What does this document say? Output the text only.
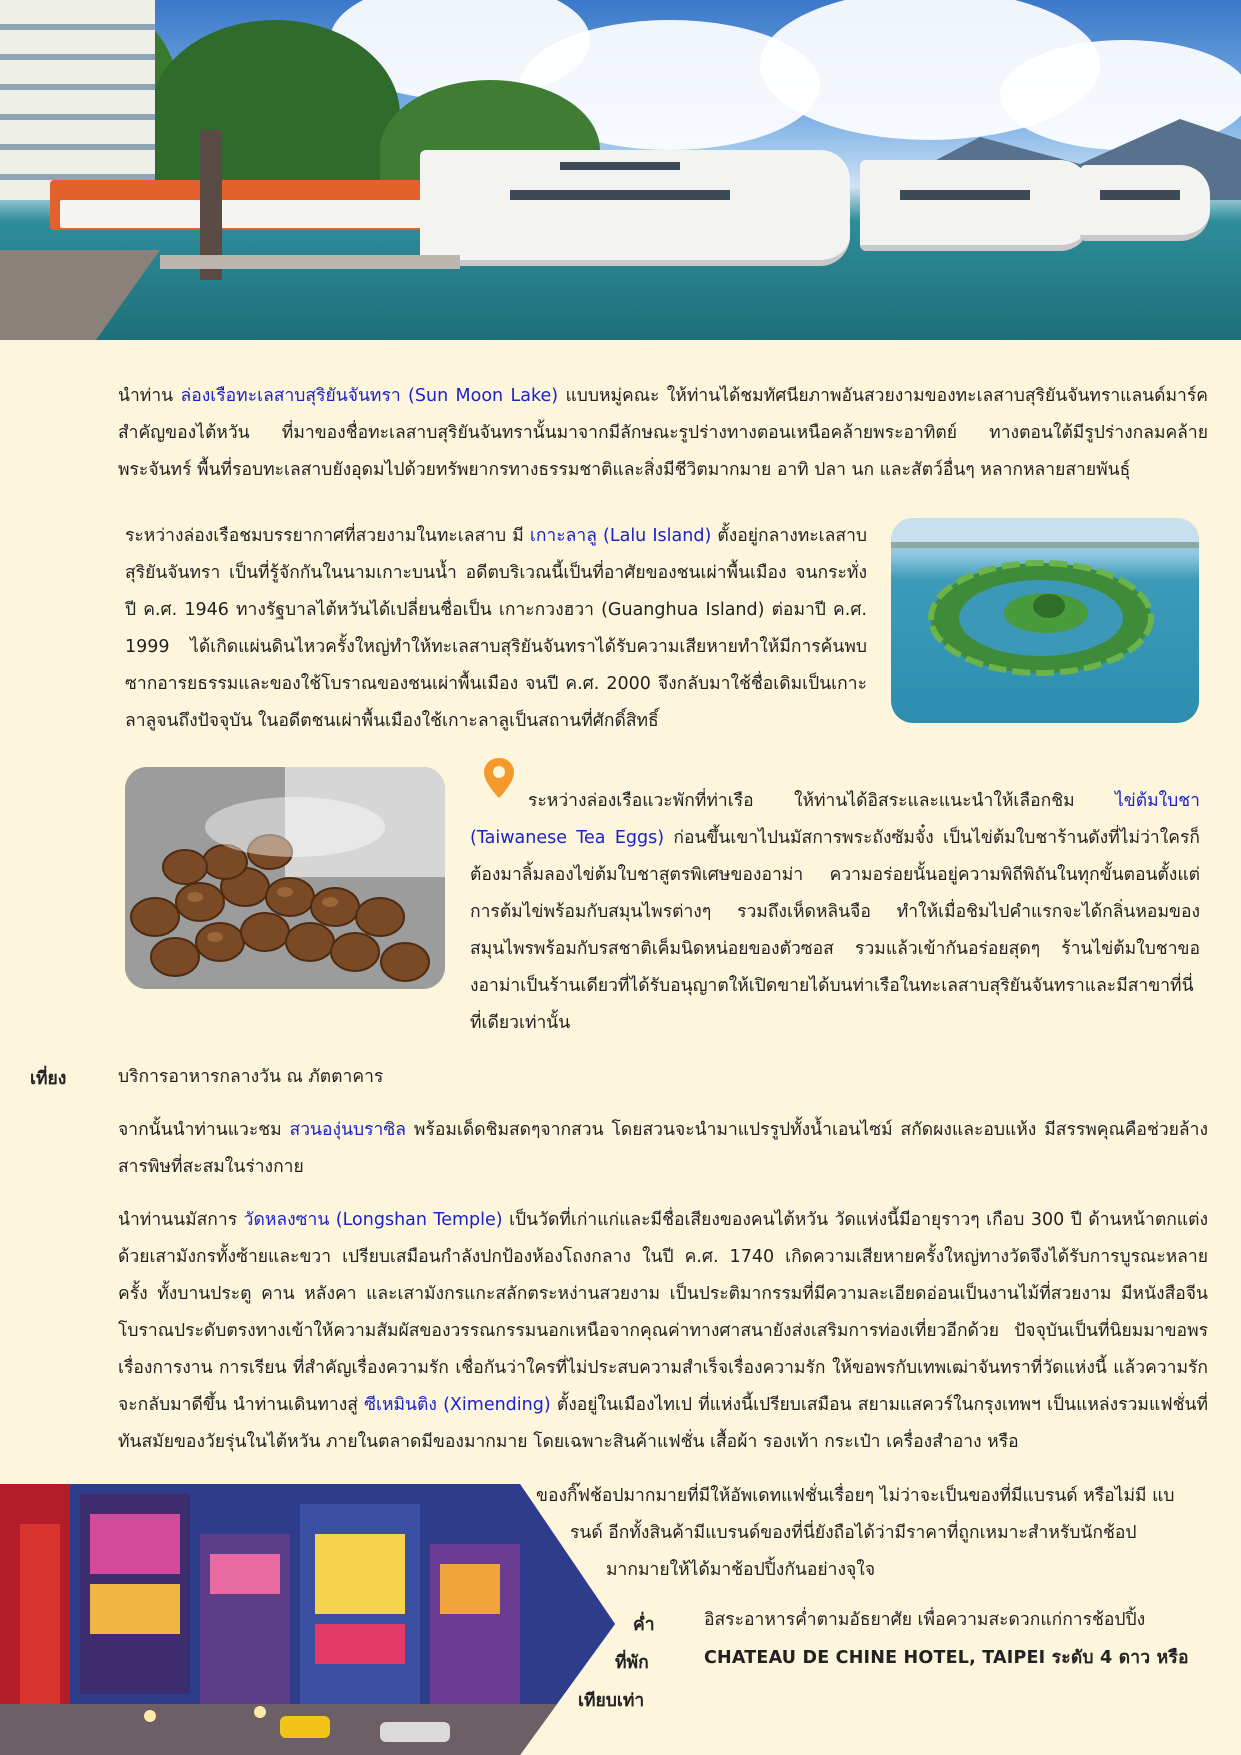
นำท่าน ล่องเรือทะเลสาบสุริยันจันทรา (Sun Moon Lake) แบบหมู่คณะ ให้ท่านได้ชมทัศนียภาพอันสวยงามของทะเลสาบสุริยันจันทราแลนด์มาร์คสำคัญของไต้หวัน ที่มาของชื่อทะเลสาบสุริยันจันทรานั้นมาจากมีลักษณะรูปร่างทางตอนเหนือคล้ายพระอาทิตย์ ทางตอนใต้มีรูปร่างกลมคล้ายพระจันทร์ พื้นที่รอบทะเลสาบยังอุดมไปด้วยทรัพยากรทางธรรมชาติและสิ่งมีชีวิตมากมาย อาทิ ปลา นก และสัตว์อื่นๆ หลากหลายสายพันธุ์

ระหว่างล่องเรือชมบรรยากาศที่สวยงามในทะเลสาบ มี เกาะลาลู (Lalu Island) ตั้งอยู่กลางทะเลสาบสุริยันจันทรา เป็นที่รู้จักกันในนามเกาะบนน้ำ อดีตบริเวณนี้เป็นที่อาศัยของชนเผ่าพื้นเมือง จนกระทั่งปี ค.ศ. 1946 ทางรัฐบาลไต้หวันได้เปลี่ยนชื่อเป็น เกาะกวงฮวา (Guanghua Island) ต่อมาปี ค.ศ. 1999 ได้เกิดแผ่นดินไหวครั้งใหญ่ทำให้ทะเลสาบสุริยันจันทราได้รับความเสียหายทำให้มีการค้นพบซากอารยธรรมและของใช้โบราณของชนเผ่าพื้นเมือง จนปี ค.ศ. 2000 จึงกลับมาใช้ชื่อเดิมเป็นเกาะลาลูจนถึงปัจจุบัน ในอดีตชนเผ่าพื้นเมืองใช้เกาะลาลูเป็นสถานที่ศักดิ์สิทธิ์

ระหว่างล่องเรือแวะพักที่ท่าเรือ ให้ท่านได้อิสระและแนะนำให้เลือกชิม ไข่ต้มใบชา (Taiwanese Tea Eggs) ก่อนขึ้นเขาไปนมัสการพระถังซัมจั๋ง เป็นไข่ต้มใบชาร้านดังที่ไม่ว่าใครก็ต้องมาลิ้มลองไข่ต้มใบชาสูตรพิเศษของอาม่า ความอร่อยนั้นอยู่ความพิถีพิถันในทุกขั้นตอนตั้งแต่การต้มไข่พร้อมกับสมุนไพรต่างๆ รวมถึงเห็ดหลินจือ ทำให้เมื่อชิมไปคำแรกจะได้กลิ่นหอมของสมุนไพรพร้อมกับรสชาติเค็มนิดหน่อยของตัวซอส รวมแล้วเข้ากันอร่อยสุดๆ ร้านไข่ต้มใบชาของอาม่าเป็นร้านเดียวที่ได้รับอนุญาตให้เปิดขายได้บนท่าเรือในทะเลสาบสุริยันจันทราและมีสาขาที่นี่ที่เดียวเท่านั้น

เที่ยง	บริการอาหารกลางวัน ณ ภัตตาคาร

จากนั้นนำท่านแวะชม สวนองุ่นบราซิล พร้อมเด็ดชิมสดๆจากสวน โดยสวนจะนำมาแปรรูปทั้งน้ำเอนไซม์ สกัดผงและอบแห้ง มีสรรพคุณคือช่วยล้างสารพิษที่สะสมในร่างกาย

นำท่านนมัสการ วัดหลงซาน (Longshan Temple) เป็นวัดที่เก่าแก่และมีชื่อเสียงของคนไต้หวัน วัดแห่งนี้มีอายุราวๆ เกือบ 300 ปี ด้านหน้าตกแต่งด้วยเสามังกรทั้งซ้ายและขวา เปรียบเสมือนกำลังปกป้องห้องโถงกลาง ในปี ค.ศ. 1740 เกิดความเสียหายครั้งใหญ่ทางวัดจึงได้รับการบูรณะหลายครั้ง ทั้งบานประตู คาน หลังคา และเสามังกรแกะสลักตระหง่านสวยงาม เป็นประติมากรรมที่มีความละเอียดอ่อนเป็นงานไม้ที่สวยงาม มีหนังสือจีนโบราณประดับตรงทางเข้าให้ความสัมผัสของวรรณกรรมนอกเหนือจากคุณค่าทางศาสนายังส่งเสริมการท่องเที่ยวอีกด้วย ปัจจุบันเป็นที่นิยมมาขอพรเรื่องการงาน การเรียน ที่สำคัญเรื่องความรัก เชื่อกันว่าใครที่ไม่ประสบความสำเร็จเรื่องความรัก ให้ขอพรกับเทพเฒ่าจันทราที่วัดแห่งนี้ แล้วความรักจะกลับมาดีขึ้น นำท่านเดินทางสู่ ซีเหมินติง (Ximending) ตั้งอยู่ในเมืองไทเป ที่แห่งนี้เปรียบเสมือน สยามแสควร์ในกรุงเทพฯ เป็นแหล่งรวมแฟชั่นที่ทันสมัยของวัยรุ่นในไต้หวัน ภายในตลาดมีของมากมาย โดยเฉพาะสินค้าแฟชั่น เสื้อผ้า รองเท้า กระเป๋า เครื่องสำอาง หรือ

ของกิ๊ฟช้อปมากมายที่มีให้อัพเดทแฟชั่นเรื่อยๆ ไม่ว่าจะเป็นของที่มีแบรนด์ หรือไม่มี แบ
รนด์ อีกทั้งสินค้ามีแบรนด์ของที่นี่ยังถือได้ว่ามีราคาที่ถูกเหมาะสำหรับนักช้อป
มากมายให้ได้มาช้อปปิ้งกันอย่างจุใจ
ค่ำ	อิสระอาหารค่ำตามอัธยาศัย เพื่อความสะดวกแก่การช้อปปิ้ง
ที่พัก	CHATEAU DE CHINE HOTEL, TAIPEI ระดับ 4 ดาว หรือ
เทียบเท่า
